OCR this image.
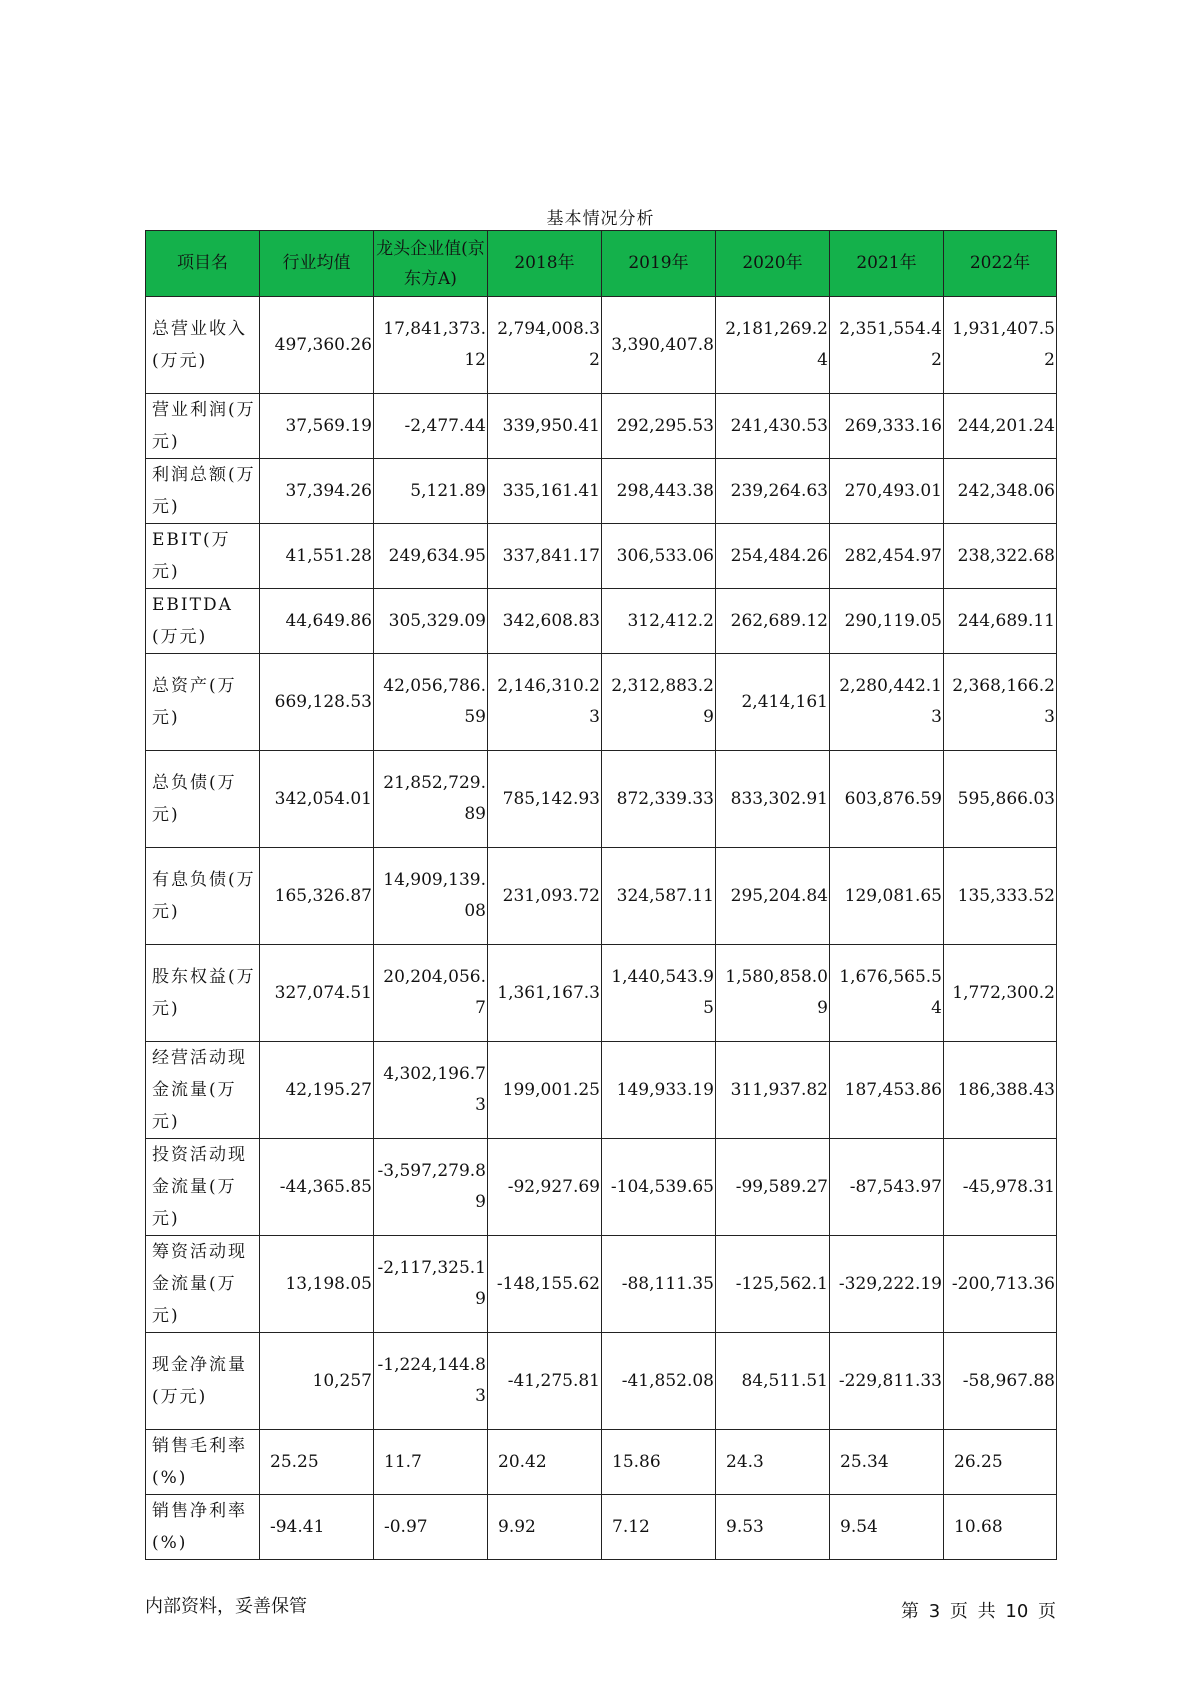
基本情况分析
项目名	行业均值	龙头企业值(京东方A)	2018年	2019年	2020年	2021年	2022年
总营业收入(万元)	497,360.26	17,841,373.12	2,794,008.32	3,390,407.8	2,181,269.24	2,351,554.42	1,931,407.52
营业利润(万元)	37,569.19	-2,477.44	339,950.41	292,295.53	241,430.53	269,333.16	244,201.24
利润总额(万元)	37,394.26	5,121.89	335,161.41	298,443.38	239,264.63	270,493.01	242,348.06
EBIT(万元)	41,551.28	249,634.95	337,841.17	306,533.06	254,484.26	282,454.97	238,322.68
EBITDA(万元)	44,649.86	305,329.09	342,608.83	312,412.2	262,689.12	290,119.05	244,689.11
总资产(万元)	669,128.53	42,056,786.59	2,146,310.23	2,312,883.29	2,414,161	2,280,442.13	2,368,166.23
总负债(万元)	342,054.01	21,852,729.89	785,142.93	872,339.33	833,302.91	603,876.59	595,866.03
有息负债(万元)	165,326.87	14,909,139.08	231,093.72	324,587.11	295,204.84	129,081.65	135,333.52
股东权益(万元)	327,074.51	20,204,056.7	1,361,167.3	1,440,543.95	1,580,858.09	1,676,565.54	1,772,300.2
经营活动现金流量(万元)	42,195.27	4,302,196.73	199,001.25	149,933.19	311,937.82	187,453.86	186,388.43
投资活动现金流量(万元)	-44,365.85	-3,597,279.89	-92,927.69	-104,539.65	-99,589.27	-87,543.97	-45,978.31
筹资活动现金流量(万元)	13,198.05	-2,117,325.19	-148,155.62	-88,111.35	-125,562.1	-329,222.19	-200,713.36
现金净流量(万元)	10,257	-1,224,144.83	-41,275.81	-41,852.08	84,511.51	-229,811.33	-58,967.88
销售毛利率(%)	25.25	11.7	20.42	15.86	24.3	25.34	26.25
销售净利率(%)	-94.41	-0.97	9.92	7.12	9.53	9.54	10.68
内部资料，妥善保管	第 3 页 共 10 页
